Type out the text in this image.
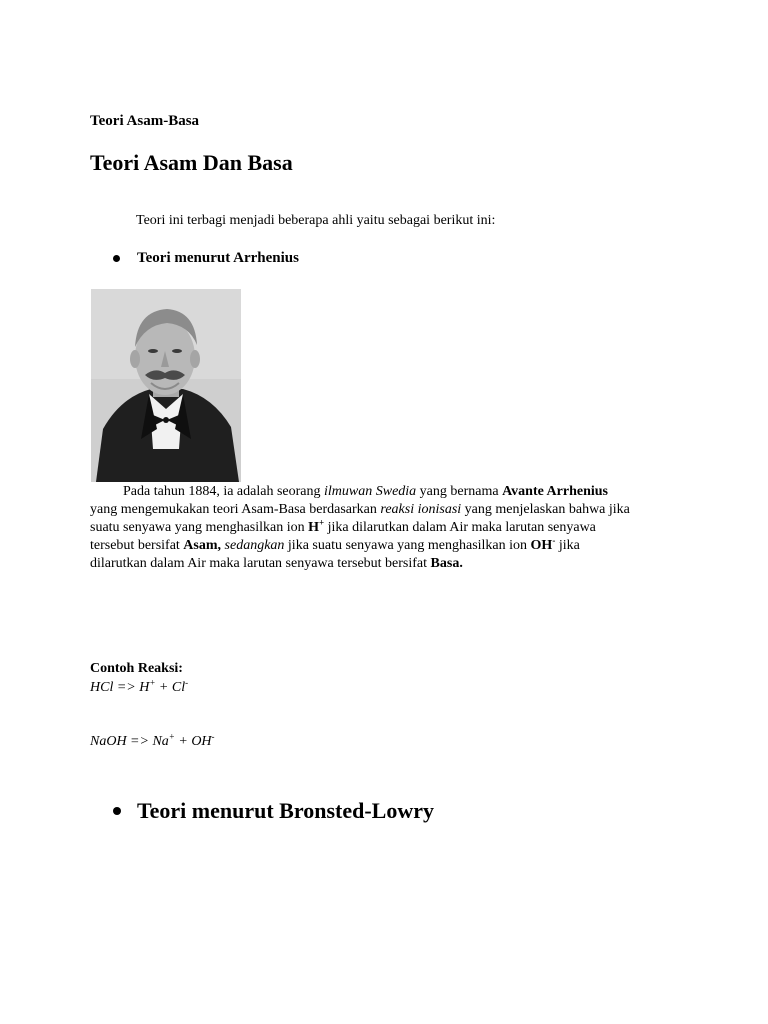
Teori Asam-Basa
Teori Asam Dan Basa
Teori ini terbagi menjadi beberapa ahli yaitu sebagai berikut ini:
Teori menurut Arrhenius
Pada tahun 1884, ia adalah seorang ilmuwan Swedia yang bernama Avante Arrhenius
yang mengemukakan teori Asam-Basa berdasarkan reaksi ionisasi yang menjelaskan bahwa jika
suatu senyawa yang menghasilkan ion H+ jika dilarutkan dalam Air maka larutan senyawa
tersebut bersifat Asam, sedangkan jika suatu senyawa yang menghasilkan ion OH- jika
dilarutkan dalam Air maka larutan senyawa tersebut bersifat Basa.
Contoh Reaksi:
HCl => H+ + Cl-
NaOH => Na+ + OH-
Teori menurut Bronsted-Lowry
